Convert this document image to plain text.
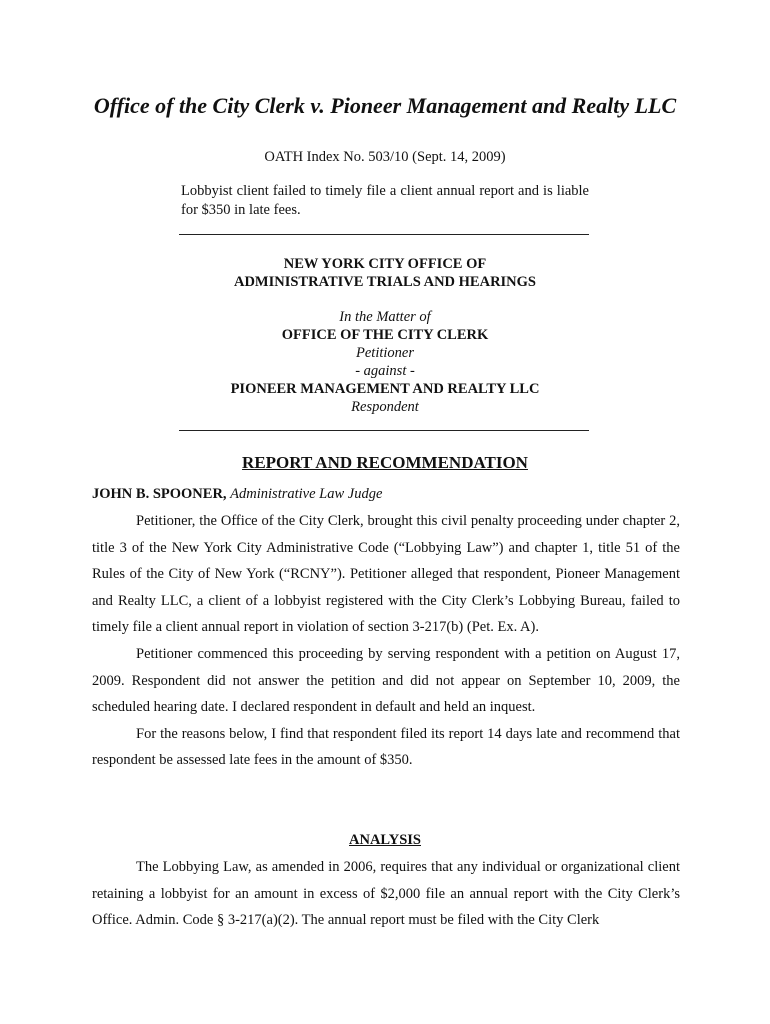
Office of the City Clerk v. Pioneer Management and Realty LLC
OATH Index No. 503/10 (Sept. 14, 2009)
Lobbyist client failed to timely file a client annual report and is liable for $350 in late fees.
NEW YORK CITY OFFICE OF
ADMINISTRATIVE TRIALS AND HEARINGS
In the Matter of
OFFICE OF THE CITY CLERK
Petitioner
- against -
PIONEER MANAGEMENT AND REALTY LLC
Respondent
REPORT AND RECOMMENDATION
JOHN B. SPOONER, Administrative Law Judge

Petitioner, the Office of the City Clerk, brought this civil penalty proceeding under chapter 2, title 3 of the New York City Administrative Code (“Lobbying Law”) and chapter 1, title 51 of the Rules of the City of New York (“RCNY”). Petitioner alleged that respondent, Pioneer Management and Realty LLC, a client of a lobbyist registered with the City Clerk’s Lobbying Bureau, failed to timely file a client annual report in violation of section 3-217(b) (Pet. Ex. A).

Petitioner commenced this proceeding by serving respondent with a petition on August 17, 2009. Respondent did not answer the petition and did not appear on September 10, 2009, the scheduled hearing date. I declared respondent in default and held an inquest.

For the reasons below, I find that respondent filed its report 14 days late and recommend that respondent be assessed late fees in the amount of $350.

ANALYSIS

The Lobbying Law, as amended in 2006, requires that any individual or organizational client retaining a lobbyist for an amount in excess of $2,000 file an annual report with the City Clerk’s Office. Admin. Code § 3-217(a)(2). The annual report must be filed with the City Clerk
